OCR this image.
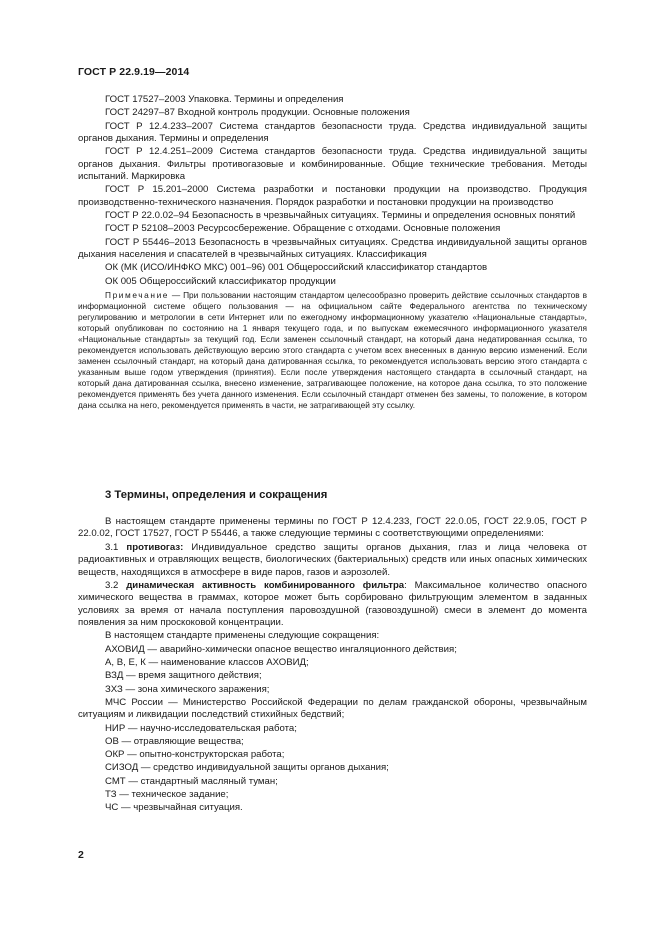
ГОСТ Р 22.9.19—2014
ГОСТ 17527–2003 Упаковка. Термины и определения
ГОСТ 24297–87 Входной контроль продукции. Основные положения
ГОСТ Р 12.4.233–2007 Система стандартов безопасности труда. Средства индивидуальной защиты органов дыхания. Термины и определения
ГОСТ Р 12.4.251–2009 Система стандартов безопасности труда. Средства индивидуальной защиты органов дыхания. Фильтры противогазовые и комбинированные. Общие технические требования. Методы испытаний. Маркировка
ГОСТ Р 15.201–2000 Система разработки и постановки продукции на производство. Продукция производственно-технического назначения. Порядок разработки и постановки продукции на производство
ГОСТ Р 22.0.02–94 Безопасность в чрезвычайных ситуациях. Термины и определения основных понятий
ГОСТ Р 52108–2003 Ресурсосбережение. Обращение с отходами. Основные положения
ГОСТ Р 55446–2013 Безопасность в чрезвычайных ситуациях. Средства индивидуальной защиты органов дыхания населения и спасателей в чрезвычайных ситуациях. Классификация
ОК (МК (ИСО/ИНФКО МКС) 001–96) 001 Общероссийский классификатор стандартов
ОК 005 Общероссийский классификатор продукции
Примечание — При пользовании настоящим стандартом целесообразно проверить действие ссылочных стандартов в информационной системе общего пользования — на официальном сайте Федерального агентства по техническому регулированию и метрологии в сети Интернет или по ежегодному информационному указателю «Национальные стандарты», который опубликован по состоянию на 1 января текущего года, и по выпускам ежемесячного информационного указателя «Национальные стандарты» за текущий год. Если заменен ссылочный стандарт, на который дана недатированная ссылка, то рекомендуется использовать действующую версию этого стандарта с учетом всех внесенных в данную версию изменений. Если заменен ссылочный стандарт, на который дана датированная ссылка, то рекомендуется использовать версию этого стандарта с указанным выше годом утверждения (принятия). Если после утверждения настоящего стандарта в ссылочный стандарт, на который дана датированная ссылка, внесено изменение, затрагивающее положение, на которое дана ссылка, то это положение рекомендуется применять без учета данного изменения. Если ссылочный стандарт отменен без замены, то положение, в котором дана ссылка на него, рекомендуется применять в части, не затрагивающей эту ссылку.
3 Термины, определения и сокращения
В настоящем стандарте применены термины по ГОСТ Р 12.4.233, ГОСТ 22.0.05, ГОСТ 22.9.05, ГОСТ Р 22.0.02, ГОСТ 17527, ГОСТ Р 55446, а также следующие термины с соответствующими определениями:
3.1 противогаз: Индивидуальное средство защиты органов дыхания, глаз и лица человека от радиоактивных и отравляющих веществ, биологических (бактериальных) средств или иных опасных химических веществ, находящихся в атмосфере в виде паров, газов и аэрозолей.
3.2 динамическая активность комбинированного фильтра: Максимальное количество опасного химического вещества в граммах, которое может быть сорбировано фильтрующим элементом в заданных условиях за время от начала поступления паровоздушной (газовоздушной) смеси в элемент до момента появления за ним проскоковой концентрации.
В настоящем стандарте применены следующие сокращения:
АХОВИД — аварийно-химически опасное вещество ингаляционного действия;
А, В, Е, К — наименование классов АХОВИД;
ВЗД — время защитного действия;
ЗХЗ — зона химического заражения;
МЧС России — Министерство Российской Федерации по делам гражданской обороны, чрезвычайным ситуациям и ликвидации последствий стихийных бедствий;
НИР — научно-исследовательская работа;
ОВ — отравляющие вещества;
ОКР — опытно-конструкторская работа;
СИЗОД — средство индивидуальной защиты органов дыхания;
СМТ — стандартный масляный туман;
ТЗ — техническое задание;
ЧС — чрезвычайная ситуация.
2
